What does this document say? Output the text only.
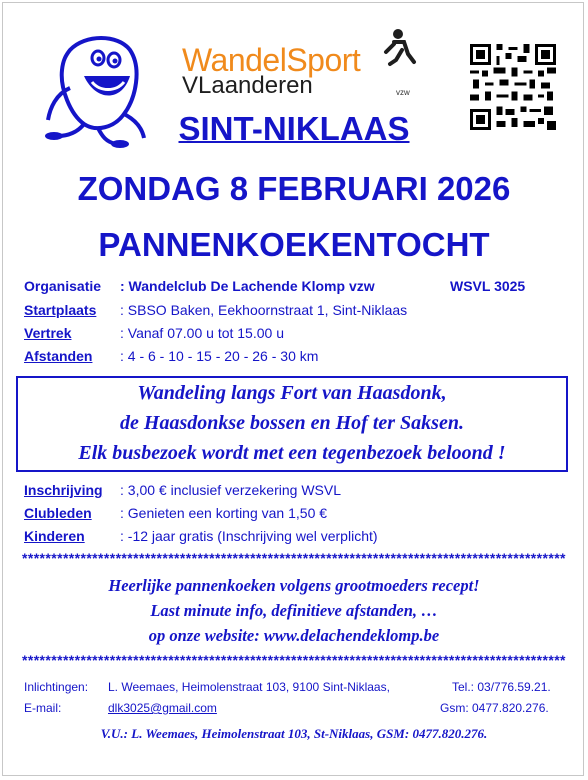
WandelSport
VLaanderen	vzw
SINT-NIKLAAS
ZONDAG 8 FEBRUARI 2026
PANNENKOEKENTOCHT
Organisatie : Wandelclub De Lachende Klomp vzw	WSVL 3025
Startplaats : SBSO Baken, Eekhoornstraat 1, Sint-Niklaas
Vertrek	: Vanaf 07.00 u tot 15.00 u
Afstanden : 4 - 6 - 10 - 15 - 20 - 26 - 30 km
Wandeling langs Fort van Haasdonk,
de Haasdonkse bossen en Hof ter Saksen.
Elk busbezoek wordt met een tegenbezoek beloond !
Inschrijving : 3,00 € inclusief verzekering WSVL
Clubleden : Genieten een korting van 1,50 €
Kinderen	: -12 jaar gratis (Inschrijving wel verplicht)
*********************************************************************************************
Heerlijke pannenkoeken volgens grootmoeders recept!
Last minute info, definitieve afstanden, …
op onze website: www.delachendeklomp.be
*********************************************************************************************
Inlichtingen: L. Weemaes, Heimolenstraat 103, 9100 Sint-Niklaas,	Tel.: 03/776.59.21.
E-mail:	dlk3025@gmail.com	Gsm: 0477.820.276.
V.U.: L. Weemaes, Heimolenstraat 103, St-Niklaas, GSM: 0477.820.276.
